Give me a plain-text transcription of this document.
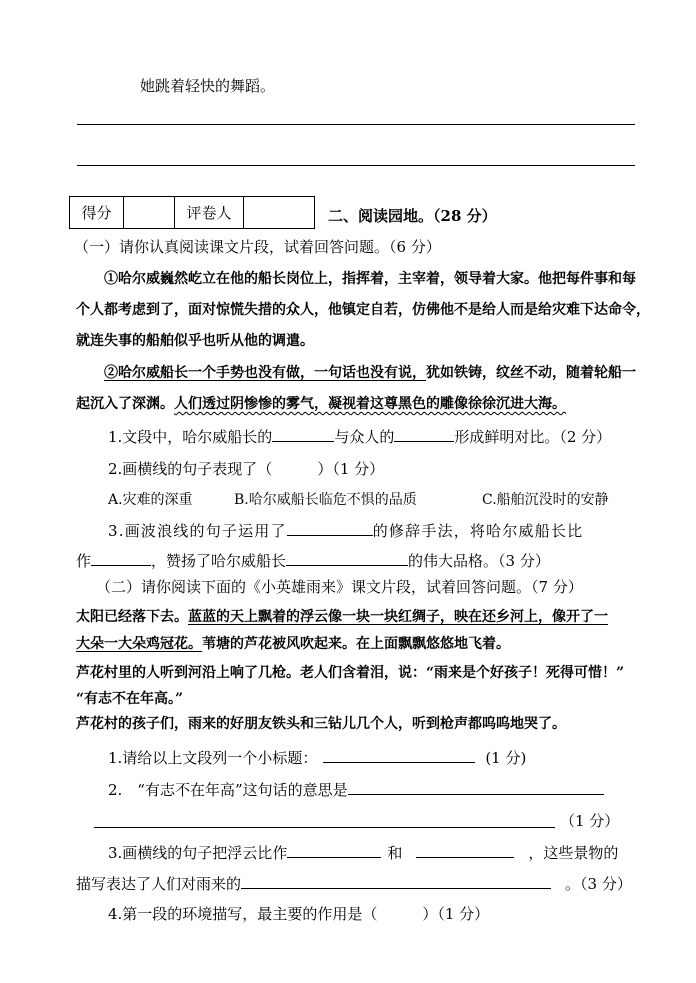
她跳着轻快的舞蹈。
得分		评卷人		二、阅读园地。（28 分）
（一）请你认真阅读课文片段，试着回答问题。（6 分）
①哈尔威巍然屹立在他的船长岗位上，指挥着，主宰着，领导着大家。他把每件事和每
个人都考虑到了，面对惊慌失措的众人，他镇定自若，仿佛他不是给人而是给灾难下达命令，
就连失事的船舶似乎也听从他的调遣。
②哈尔威船长一个手势也没有做，一句话也没有说，犹如铁铸，纹丝不动，随着轮船一
起沉入了深渊。人们透过阴惨惨的雾气，凝视着这尊黑色的雕像徐徐沉进大海。
1.文段中，哈尔威船长的	与众人的	形成鲜明对比。（2 分）
2.画横线的句子表现了（　　　）（1 分）
A.灾难的深重	B.哈尔威船长临危不惧的品质	C.船舶沉没时的安静
3.画波浪线的句子运用了	的修辞手法，将哈尔威船长比
作	，赞扬了哈尔威船长	的伟大品格。（3 分）
（二）请你阅读下面的《小英雄雨来》课文片段，试着回答问题。（7 分）
太阳已经落下去。蓝蓝的天上飘着的浮云像一块一块红绸子，映在还乡河上，像开了一
大朵一大朵鸡冠花。苇塘的芦花被风吹起来。在上面飘飘悠悠地飞着。
芦花村里的人听到河沿上响了几枪。老人们含着泪，说：“雨来是个好孩子！死得可惜！”
“有志不在年高。”
芦花村的孩子们，雨来的好朋友铁头和三钻儿几个人，听到枪声都呜呜地哭了。
1.请给以上文段列一个小标题：	(1 分)
2.　“有志不在年高”这句话的意思是
（1 分）
3.画横线的句子把浮云比作	和	，这些景物的
描写表达了人们对雨来的	。（3 分）
4.第一段的环境描写，最主要的作用是（　　　）（1 分）
